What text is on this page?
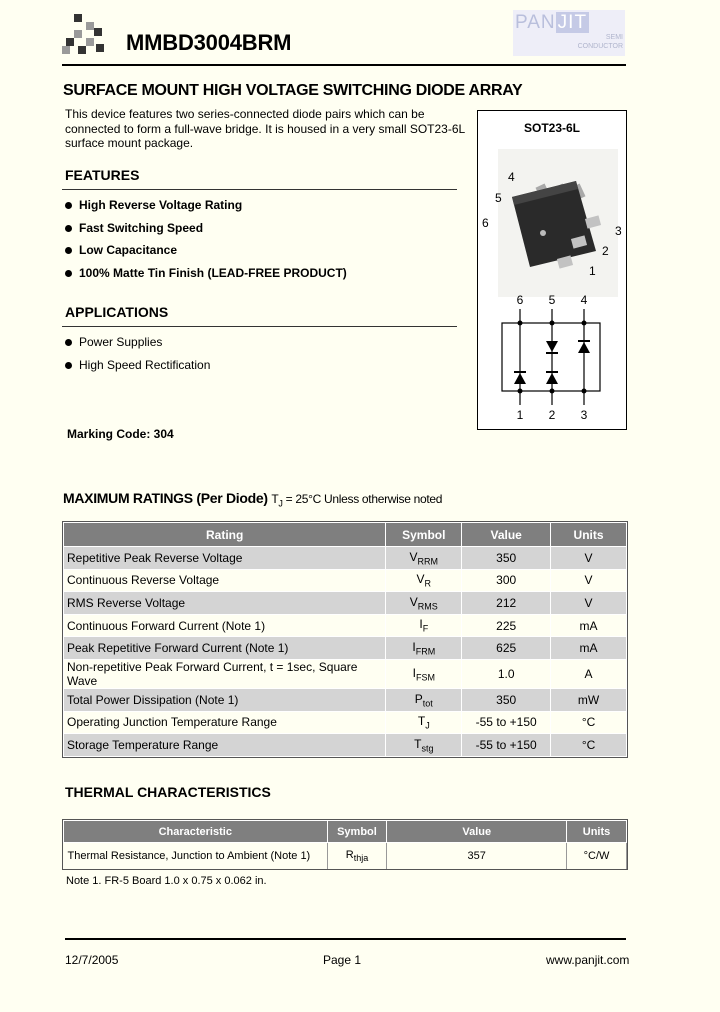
MMBD3004BRM
PAN JIT
SEMI
CONDUCTOR
SURFACE MOUNT HIGH VOLTAGE SWITCHING DIODE ARRAY
This device features two series-connected diode pairs which can be connected to form a full-wave bridge. It is housed in a very small SOT23-6L surface mount package.
FEATURES
High Reverse Voltage Rating
Fast Switching Speed
Low Capacitance
100% Matte Tin Finish (LEAD-FREE PRODUCT)
APPLICATIONS
Power Supplies
High Speed Rectification
Marking Code: 304
SOT23-6L
4
5
6
3
2
1
6 5 4
1 2 3
MAXIMUM RATINGS (Per Diode) $T_J = 25^\circ C$ Unless otherwise noted
Rating	Symbol	Value	Units
Repetitive Peak Reverse Voltage	$V_{RRM}$	350	V
Continuous Reverse Voltage	$V_R$	300	V
RMS Reverse Voltage	$V_{RMS}$	212	V
Continuous Forward Current (Note 1)	$I_F$	225	mA
Peak Repetitive Forward Current (Note 1)	$I_{FRM}$	625	mA
Non-repetitive Peak Forward Current, t = 1sec, Square Wave	$I_{FSM}$	1.0	A
Total Power Dissipation (Note 1)	$P_{tot}$	350	mW
Operating Junction Temperature Range	$T_J$	-55 to +150	°C
Storage Temperature Range	$T_{stg}$	-55 to +150	°C
THERMAL CHARACTERISTICS
Characteristic	Symbol	Value	Units
Thermal Resistance, Junction to Ambient (Note 1)	$R_{thja}$	357	°C/W
Note 1. FR-5 Board 1.0 x 0.75 x 0.062 in.
12/7/2005	Page 1	www.panjit.com
